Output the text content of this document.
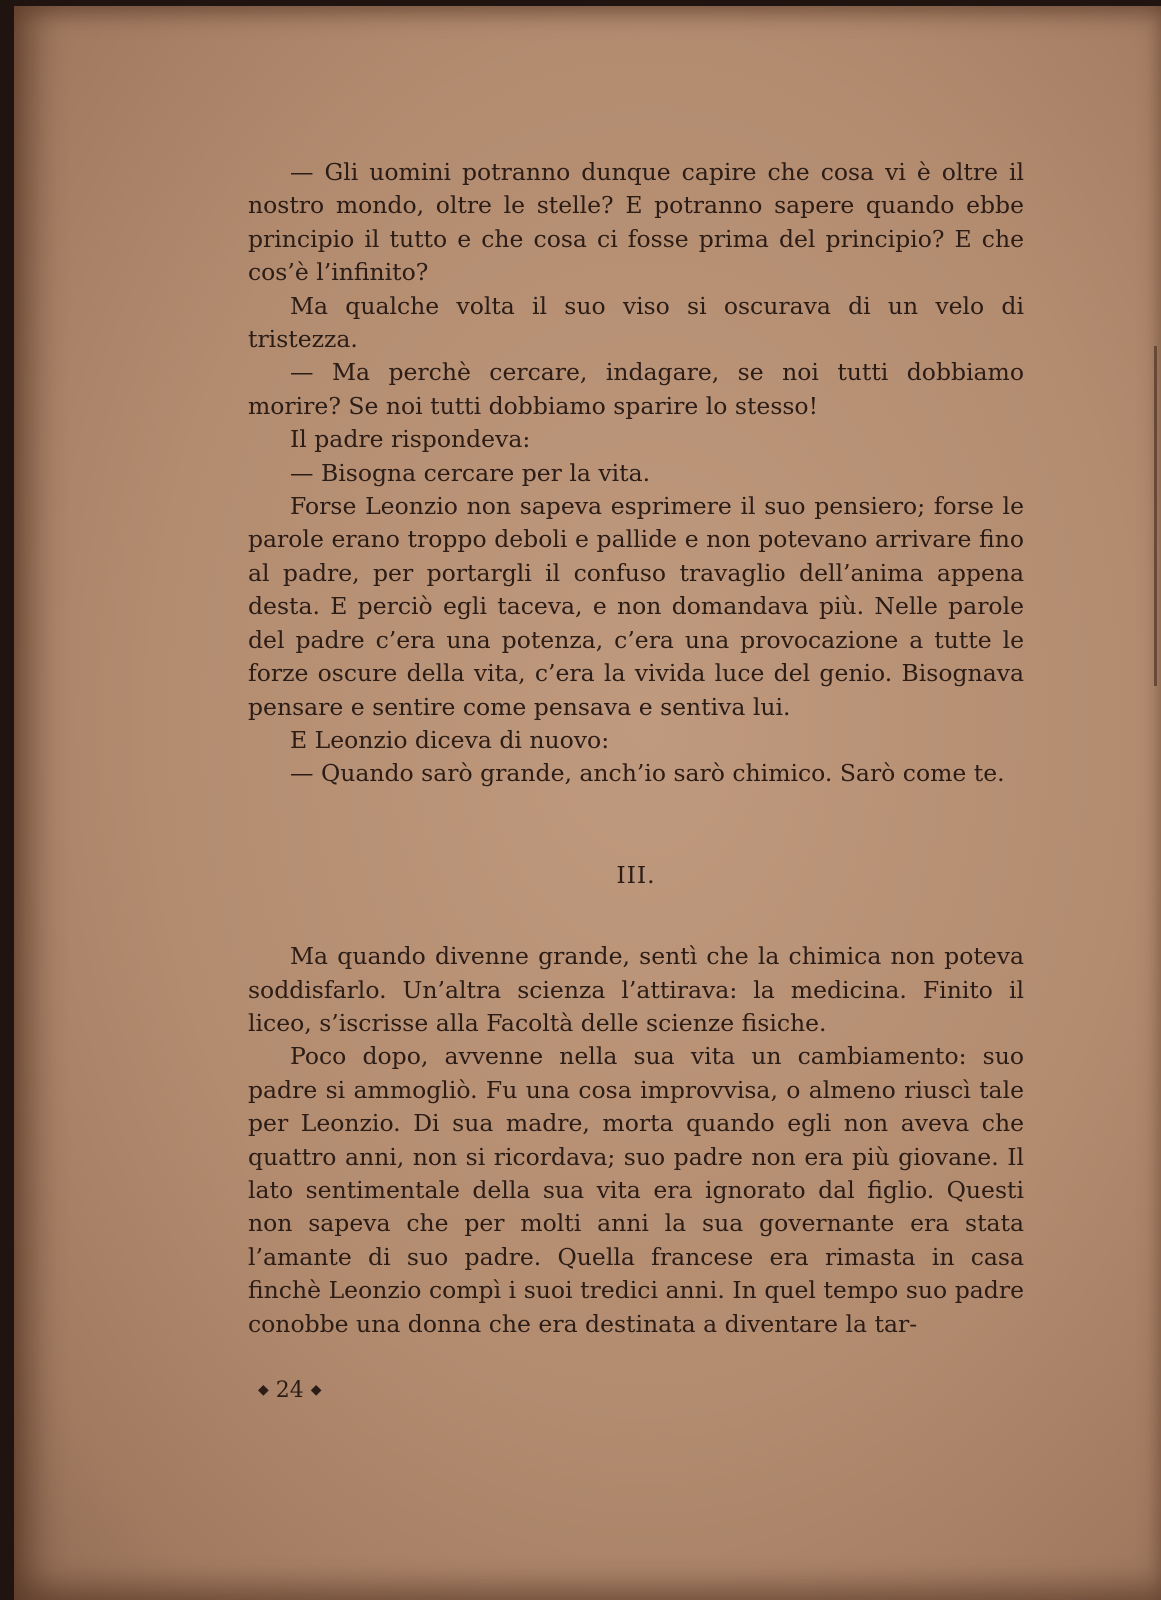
— Gli uomini potranno dunque capire che cosa vi è oltre il nostro mondo, oltre le stelle? E potranno sapere quando ebbe principio il tutto e che cosa ci fosse prima del principio? E che cos’è l’infinito?

Ma qualche volta il suo viso si oscurava di un velo di tristezza.

— Ma perchè cercare, indagare, se noi tutti dobbiamo morire? Se noi tutti dobbiamo sparire lo stesso!

Il padre rispondeva:

— Bisogna cercare per la vita.

Forse Leonzio non sapeva esprimere il suo pensiero; forse le parole erano troppo deboli e pallide e non potevano arrivare fino al padre, per portargli il confuso travaglio dell’anima appena desta. E perciò egli taceva, e non domandava più. Nelle parole del padre c’era una potenza, c’era una provocazione a tutte le forze oscure della vita, c’era la vivida luce del genio. Bisognava pensare e sentire come pensava e sentiva lui.

E Leonzio diceva di nuovo:

— Quando sarò grande, anch’io sarò chimico. Sarò come te.

III.

Ma quando divenne grande, sentì che la chimica non poteva soddisfarlo. Un’altra scienza l’attirava: la medicina. Finito il liceo, s’iscrisse alla Facoltà delle scienze fisiche.

Poco dopo, avvenne nella sua vita un cambiamento: suo padre si ammogliò. Fu una cosa improvvisa, o almeno riuscì tale per Leonzio. Di sua madre, morta quando egli non aveva che quattro anni, non si ricordava; suo padre non era più giovane. Il lato sentimentale della sua vita era ignorato dal figlio. Questi non sapeva che per molti anni la sua governante era stata l’amante di suo padre. Quella francese era rimasta in casa finchè Leonzio compì i suoi tredici anni. In quel tempo suo padre conobbe una donna che era destinata a diventare la tar-

◆ 24 ◆
